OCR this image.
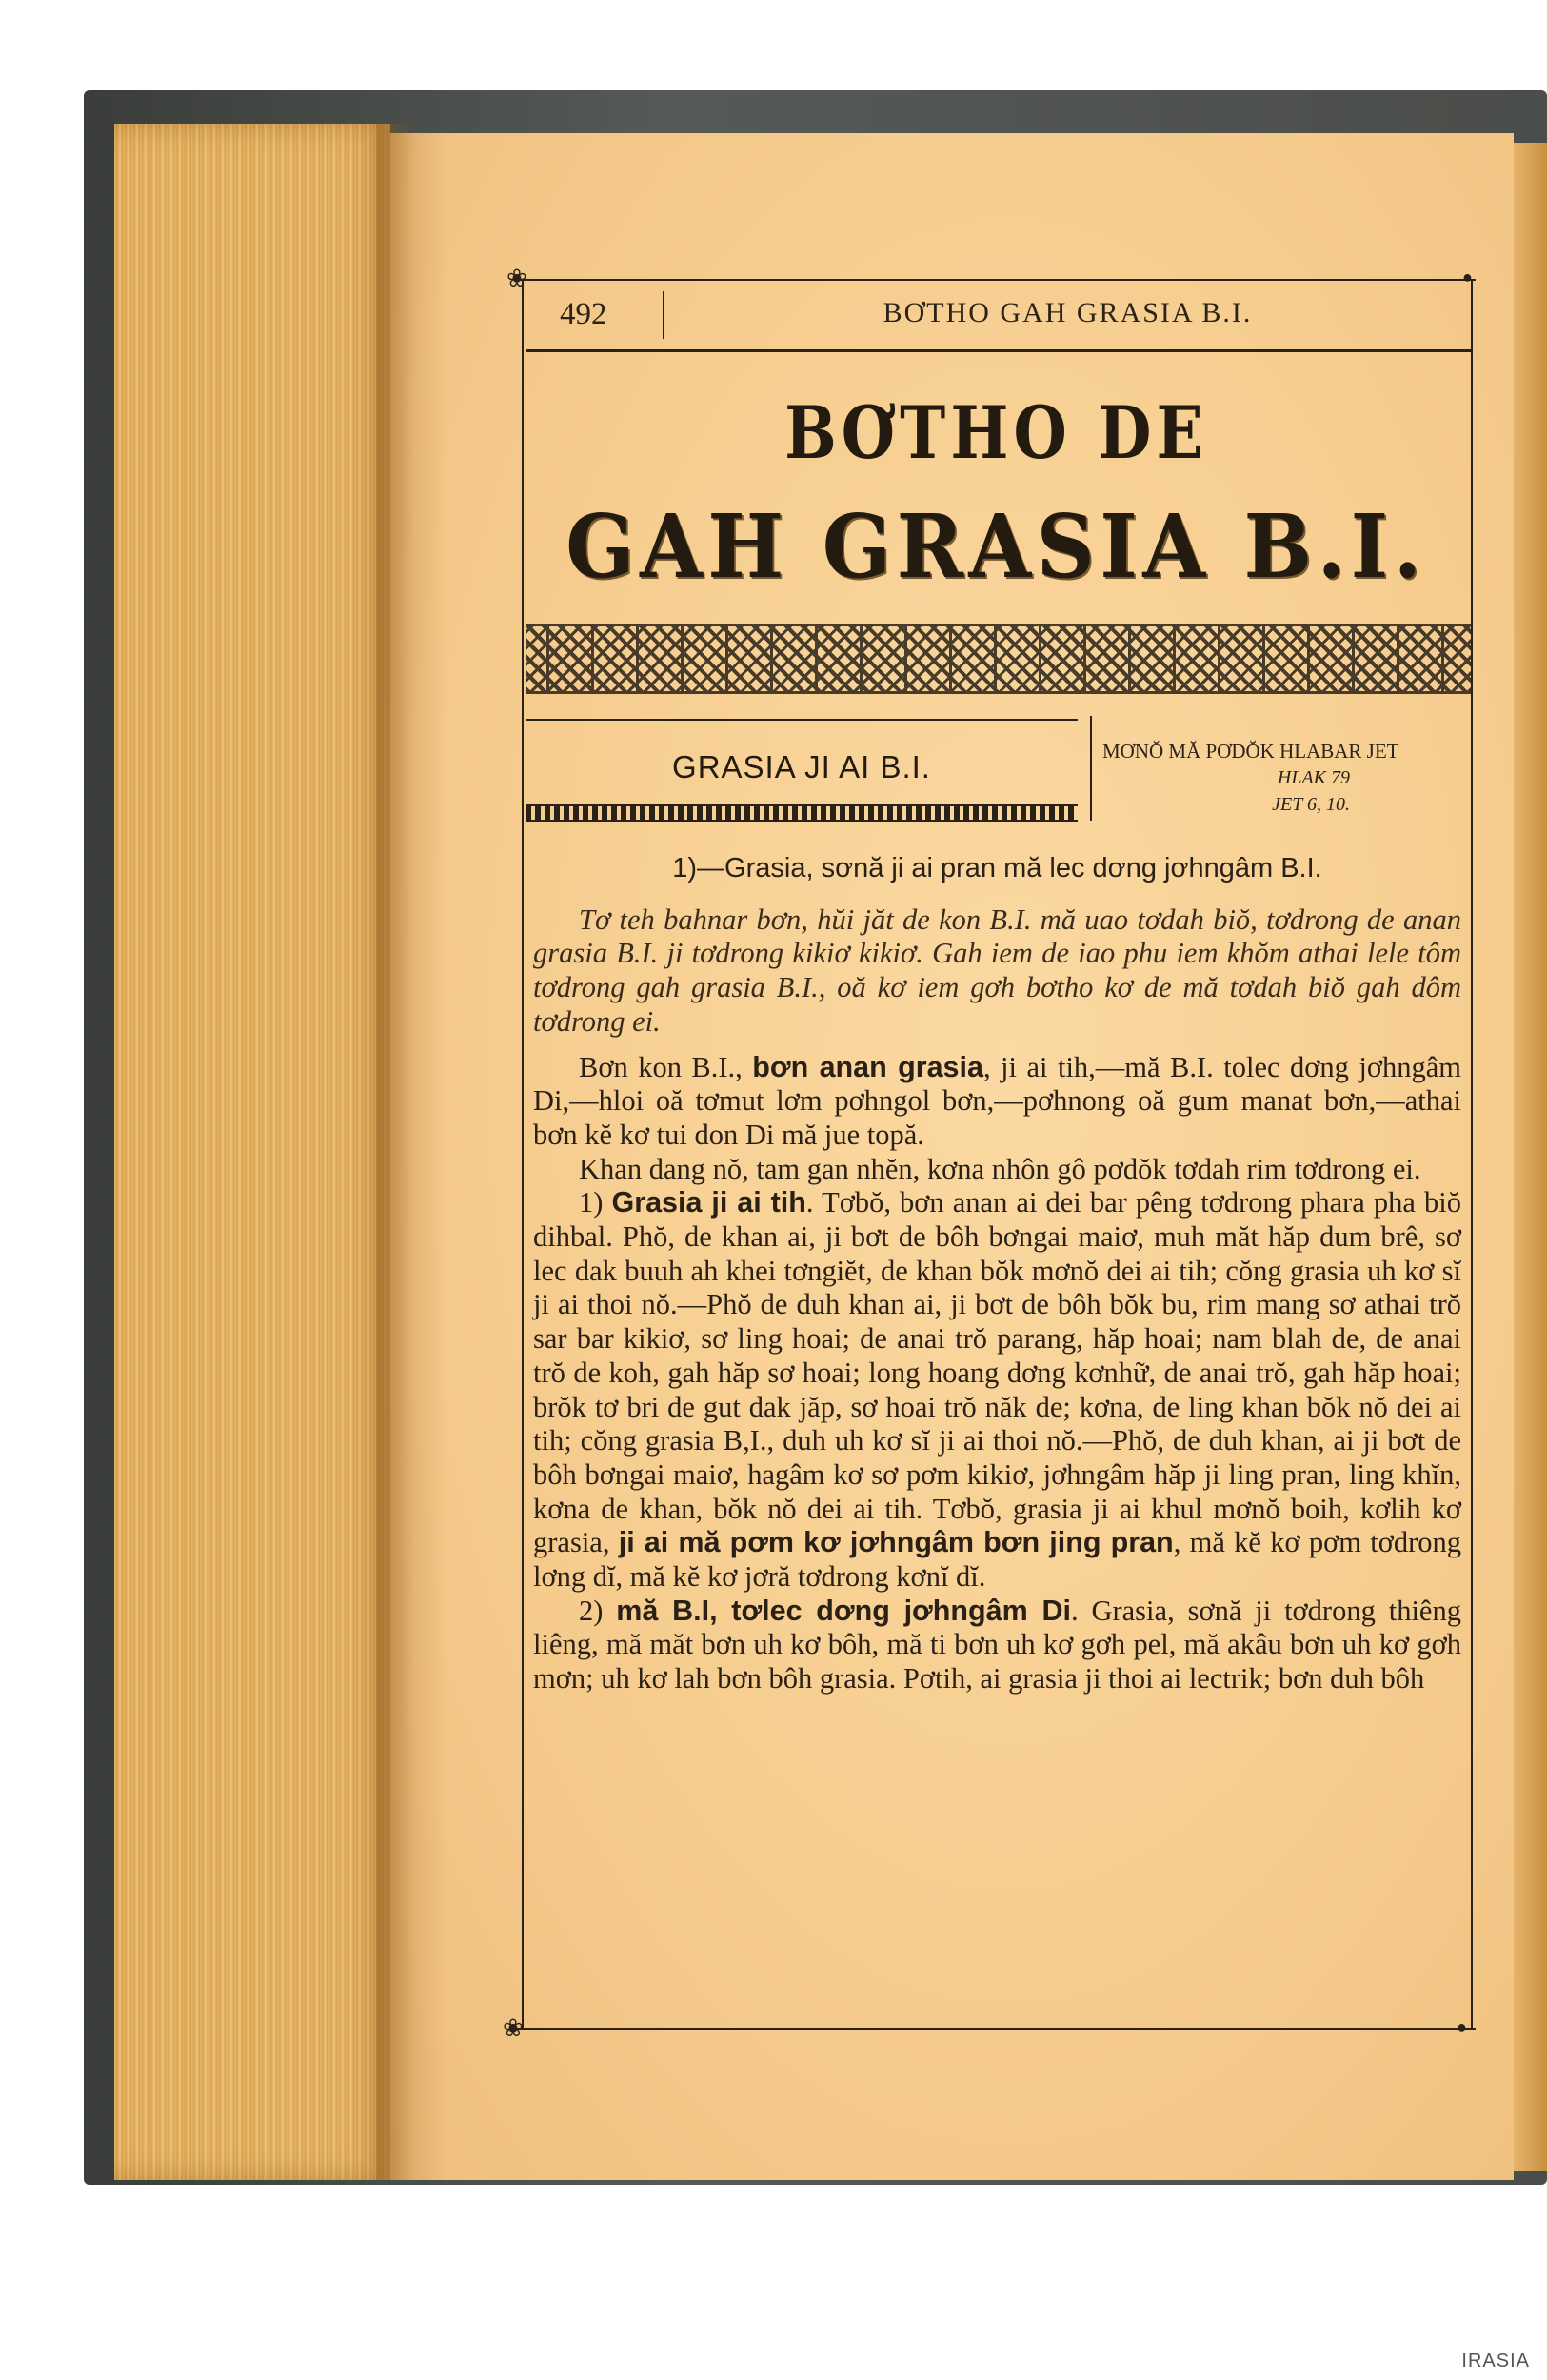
❀	●
❀	●
492	BƠTHO GAH GRASIA B.I.
BƠTHO DE
GAH GRASIA B.I.
GRASIA JI AI B.I.	MƠNŎ MĂ PƠDŎK HLABAR JET
HLAK 79
JET 6, 10.

1)—Grasia, sơnă ji ai pran mă lec dơng jơhngâm B.I.

Tơ teh bahnar bơn, hŭi jăt de kon B.I. mă uao tơdah biŏ, tơdrong de anan grasia B.I. ji tơdrong kikiơ kikiơ. Gah iem de iao phu iem khŏm athai lele tôm tơdrong gah grasia B.I., oă kơ iem gơh bơtho kơ de mă tơdah biŏ gah dôm tơdrong ei.

Bơn kon B.I., bơn anan grasia, ji ai tih,—mă B.I. tolec dơng jơhngâm Di,—hloi oă tơmut lơm pơhngol bơn,—pơhnong oă gum manat bơn,—athai bơn kĕ kơ tui don Di mă jue topă.

Khan dang nŏ, tam gan nhĕn, kơna nhôn gô pơdŏk tơdah rim tơdrong ei.

1) Grasia ji ai tih. Tơbŏ, bơn anan ai dei bar pêng tơdrong phara pha biŏ dihbal. Phŏ, de khan ai, ji bơt de bôh bơngai maiơ, muh măt hăp dum brê, sơ lec dak buuh ah khei tơngiĕt, de khan bŏk mơnŏ dei ai tih; cŏng grasia uh kơ sĭ ji ai thoi nŏ.—Phŏ de duh khan ai, ji bơt de bôh bŏk bu, rim mang sơ athai trŏ sar bar kikiơ, sơ ling hoai; de anai trŏ parang, hăp hoai; nam blah de, de anai trŏ de koh, gah hăp sơ hoai; long hoang dơng kơnhữ, de anai trŏ, gah hăp hoai; brŏk tơ bri de gut dak jăp, sơ hoai trŏ năk de; kơna, de ling khan bŏk nŏ dei ai tih; cŏng grasia B,I., duh uh kơ sĭ ji ai thoi nŏ.—Phŏ, de duh khan, ai ji bơt de bôh bơngai maiơ, hagâm kơ sơ pơm kikiơ, jơhngâm hăp ji ling pran, ling khĭn, kơna de khan, bŏk nŏ dei ai tih. Tơbŏ, grasia ji ai khul mơnŏ boih, kơlih kơ grasia, ji ai mă pơm kơ jơhngâm bơn jing pran, mă kĕ kơ pơm tơdrong lơng dĭ, mă kĕ kơ jơră tơdrong kơnĭ dĭ.

2) mă B.I, tơlec dơng jơhngâm Di. Grasia, sơnă ji tơdrong thiêng liêng, mă măt bơn uh kơ bôh, mă ti bơn uh kơ gơh pel, mă akâu bơn uh kơ gơh mơn; uh kơ lah bơn bôh grasia. Pơtih, ai grasia ji thoi ai lectrik; bơn duh bôh

IRASIA
